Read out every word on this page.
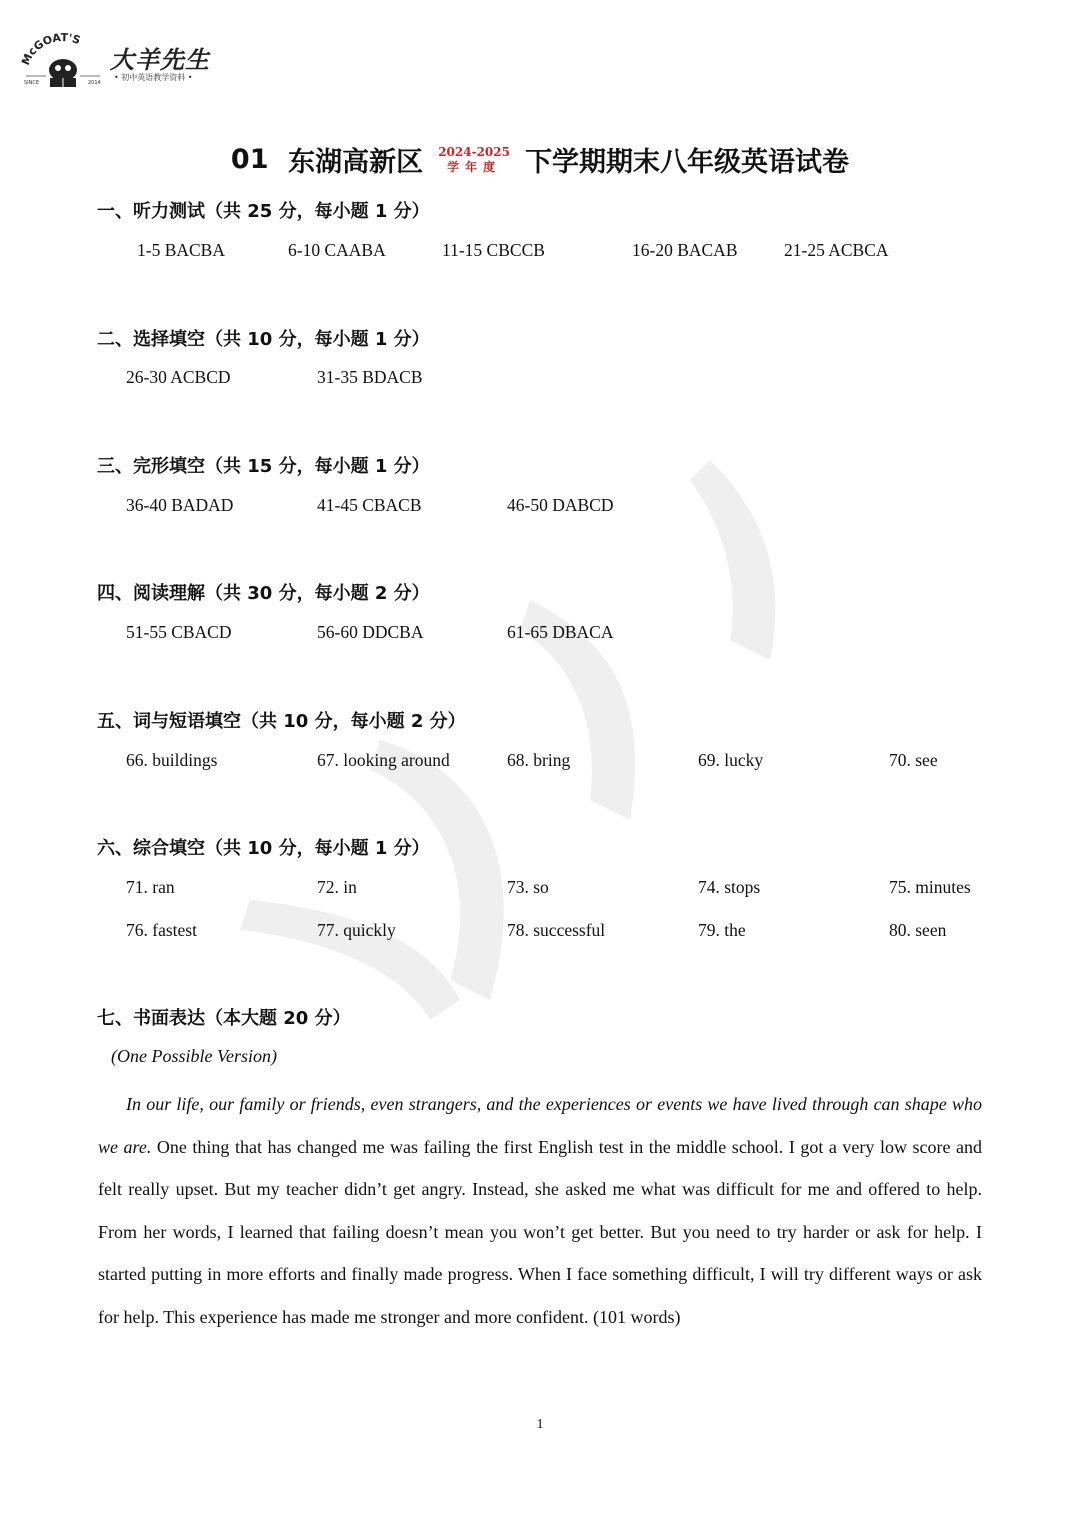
McGOAT'S
SINCE	2014
大羊先生
• 初中英语教学资料 •
01 东湖高新区 2024-2025
学年度 下学期期末八年级英语试卷
一、听力测试（共 25 分，每小题 1 分）
1-5 BACBA	6-10 CAABA	11-15 CBCCB	16-20 BACAB	21-25 ACBCA
二、选择填空（共 10 分，每小题 1 分）
26-30 ACBCD	31-35 BDACB
三、完形填空（共 15 分，每小题 1 分）
36-40 BADAD	41-45 CBACB	46-50 DABCD
四、阅读理解（共 30 分，每小题 2 分）
51-55 CBACD	56-60 DDCBA	61-65 DBACA
五、词与短语填空（共 10 分，每小题 2 分）
66. buildings	67. looking around	68. bring	69. lucky	70. see
六、综合填空（共 10 分，每小题 1 分）
71. ran	72. in	73. so	74. stops	75. minutes
76. fastest	77. quickly	78. successful	79. the	80. seen
七、书面表达（本大题 20 分）
(One Possible Version)
In our life, our family or friends, even strangers, and the experiences or events we have lived through can shape who we are. One thing that has changed me was failing the first English test in the middle school. I got a very low score and felt really upset. But my teacher didn’t get angry. Instead, she asked me what was difficult for me and offered to help. From her words, I learned that failing doesn’t mean you won’t get better. But you need to try harder or ask for help. I started putting in more efforts and finally made progress. When I face something difficult, I will try different ways or ask for help. This experience has made me stronger and more confident. (101 words)
1
